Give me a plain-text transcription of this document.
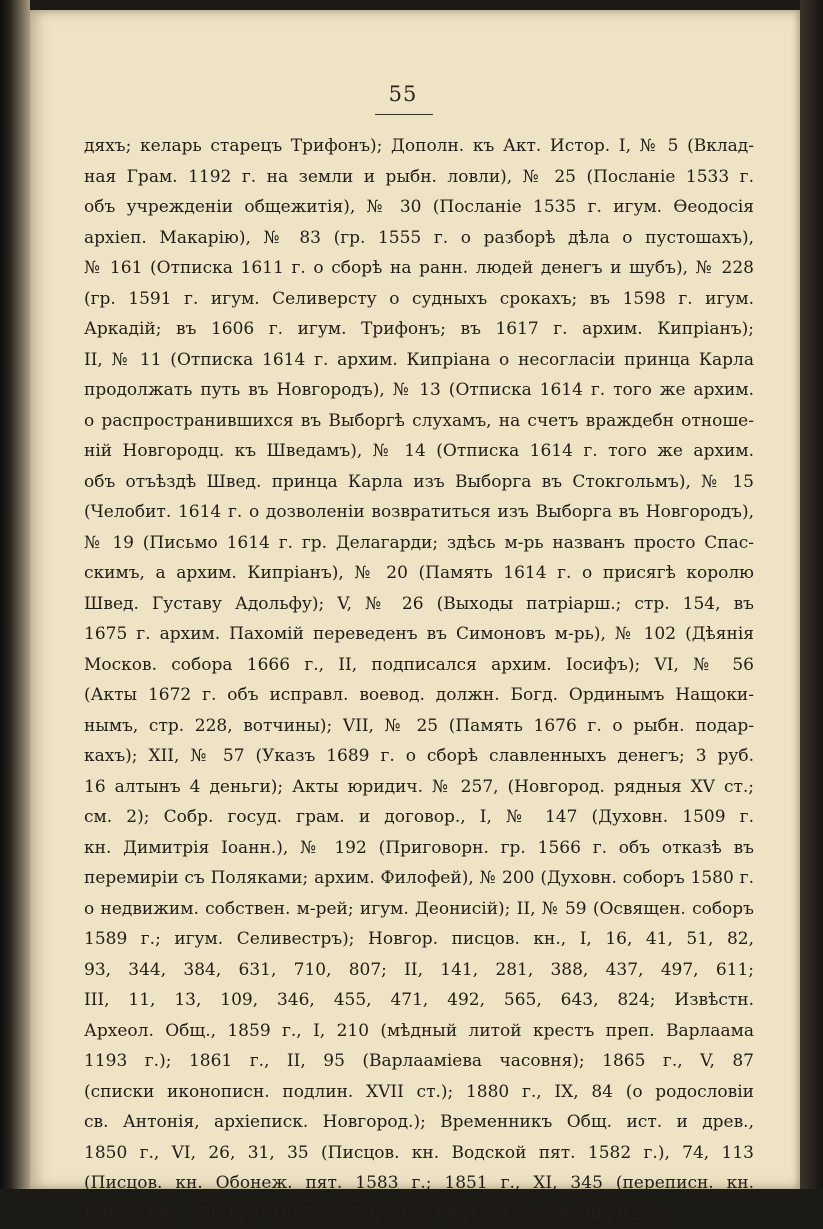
55
дяхъ; келарь старецъ Трифонъ); Дополн. къ Акт. Истор. I, № 5 (Вклад-
ная Грам. 1192 г. на земли и рыбн. ловли), № 25 (Посланіе 1533 г.
объ учрежденіи общежитія), № 30 (Посланіе 1535 г. игум. Өеодосія
архіеп. Макарію), № 83 (гр. 1555 г. о разборѣ дѣла о пустошахъ),
№ 161 (Отписка 1611 г. о сборѣ на ранн. людей денегъ и шубъ), № 228
(гр. 1591 г. игум. Селиверсту о судныхъ срокахъ; въ 1598 г. игум.
Аркадій; въ 1606 г. игум. Трифонъ; въ 1617 г. архим. Кипріанъ);
II, № 11 (Отписка 1614 г. архим. Кипріана о несогласіи принца Карла
продолжать путь въ Новгородъ), № 13 (Отписка 1614 г. того же архим.
о распространившихся въ Выборгѣ слухамъ, на счетъ враждебн отноше-
ній Новгородц. къ Шведамъ), № 14 (Отписка 1614 г. того же архим.
объ отъѣздѣ Швед. принца Карла изъ Выборга въ Стокгольмъ), № 15
(Челобит. 1614 г. о дозволеніи возвратиться изъ Выборга въ Новгородъ),
№ 19 (Письмо 1614 г. гр. Делагарди; здѣсь м-рь названъ просто Спас-
скимъ, а архим. Кипріанъ), № 20 (Память 1614 г. о присягѣ королю
Швед. Густаву Адольфу); V, № 26 (Выходы патріарш.; стр. 154, въ
1675 г. архим. Пахомій переведенъ въ Симоновъ м-рь), № 102 (Дѣянія
Москов. собора 1666 г., II, подписался архим. Іосифъ); VI, № 56
(Акты 1672 г. объ исправл. воевод. должн. Богд. Ординымъ Нащоки-
нымъ, стр. 228, вотчины); VII, № 25 (Память 1676 г. о рыбн. подар-
кахъ); XII, № 57 (Указъ 1689 г. о сборѣ славленныхъ денегъ; 3 руб.
16 алтынъ 4 деньги); Акты юридич. № 257, (Новгород. рядныя XV ст.;
см. 2); Собр. госуд. грам. и договор., I, № 147 (Духовн. 1509 г.
кн. Димитрія Іоанн.), № 192 (Приговорн. гр. 1566 г. объ отказѣ въ
перемиріи съ Поляками; архим. Филофей), № 200 (Духовн. соборъ 1580 г.
о недвижим. собствен. м-рей; игум. Деонисій); II, № 59 (Освящен. соборъ
1589 г.; игум. Селивестръ); Новгор. писцов. кн., I, 16, 41, 51, 82,
93, 344, 384, 631, 710, 807; II, 141, 281, 388, 437, 497, 611;
III, 11, 13, 109, 346, 455, 471, 492, 565, 643, 824; Извѣстн.
Археол. Общ., 1859 г., I, 210 (мѣдный литой крестъ преп. Варлаама
1193 г.); 1861 г., II, 95 (Варлаамiева часовня); 1865 г., V, 87
(списки иконописн. подлин. XVII ст.); 1880 г., IX, 84 (о родословіи
св. Антонія, архіеписк. Новгород.); Временникъ Общ. ист. и древ.,
1850 г., VI, 26, 31, 35 (Писцов. кн. Водской пят. 1582 г.), 74, 113
(Писцов. кн. Обонеж. пят. 1583 г.; 1851 г., XI, 345 (переписн. кн.
Вотск. пят. 1500 г.); 1853 г., XVI, Иное сказ. о Самозванц., 82 (въ
